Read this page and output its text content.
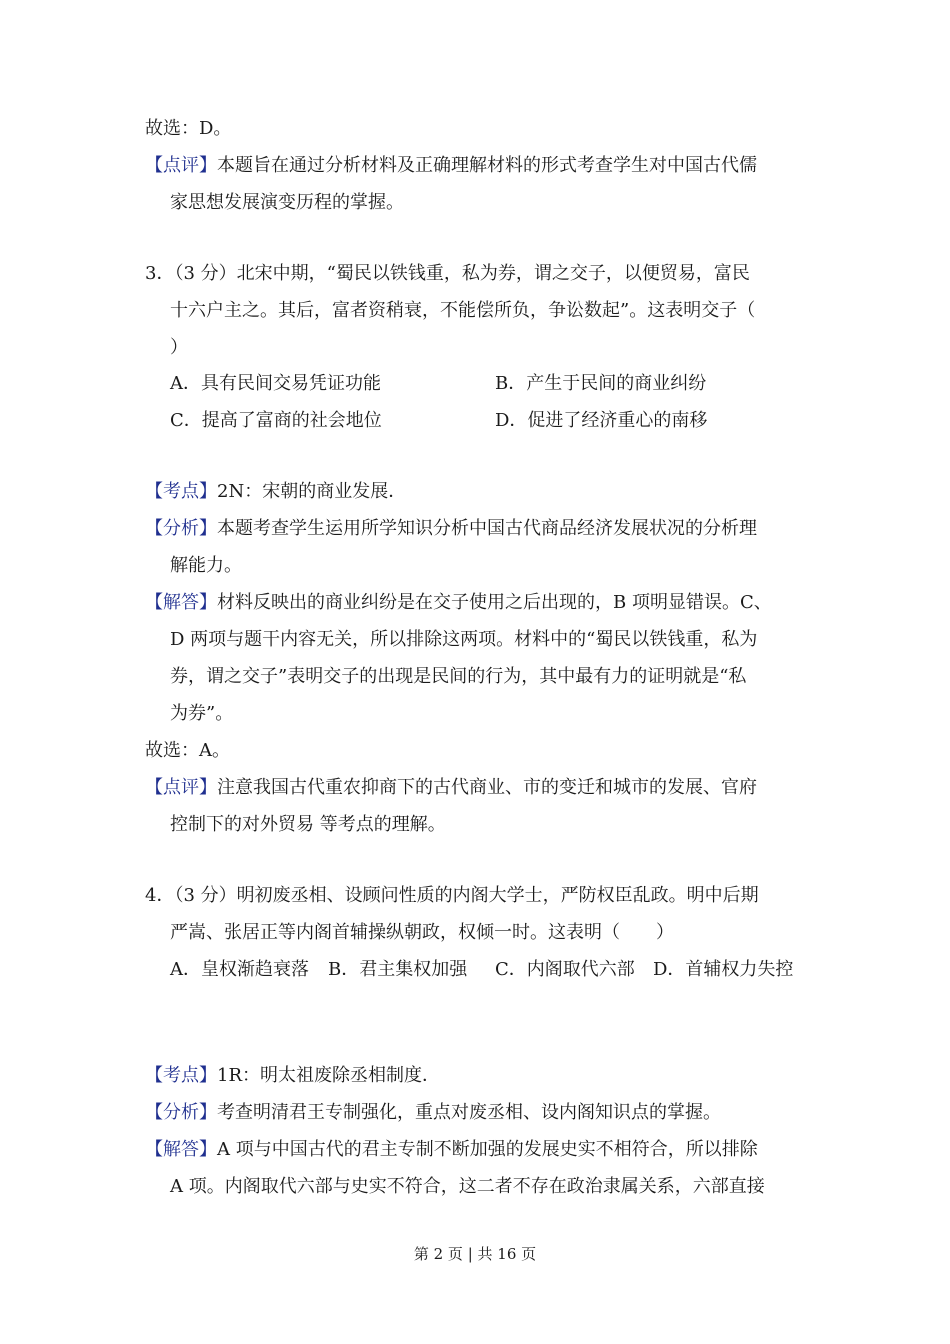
故选：D。
【点评】本题旨在通过分析材料及正确理解材料的形式考查学生对中国古代儒
家思想发展演变历程的掌握。
3．（3 分）北宋中期，“蜀民以铁钱重，私为券，谓之交子，以便贸易，富民
十六户主之。其后，富者资稍衰，不能偿所负，争讼数起”。这表明交子（
）
A．具有民间交易凭证功能	B．产生于民间的商业纠纷
C．提高了富商的社会地位	D．促进了经济重心的南移
【考点】2N：宋朝的商业发展．
【分析】本题考查学生运用所学知识分析中国古代商品经济发展状况的分析理
解能力。
【解答】材料反映出的商业纠纷是在交子使用之后出现的，B 项明显错误。C、
D 两项与题干内容无关，所以排除这两项。材料中的“蜀民以铁钱重，私为
券，谓之交子”表明交子的出现是民间的行为，其中最有力的证明就是“私
为券”。
故选：A。
【点评】注意我国古代重农抑商下的古代商业、市的变迁和城市的发展、官府
控制下的对外贸易 等考点的理解。
4．（3 分）明初废丞相、设顾问性质的内阁大学士，严防权臣乱政。明中后期
严嵩、张居正等内阁首辅操纵朝政，权倾一时。这表明（　　）
A．皇权渐趋衰落 B．君主集权加强 C．内阁取代六部 D．首辅权力失控
【考点】1R：明太祖废除丞相制度．
【分析】考查明清君王专制强化，重点对废丞相、设内阁知识点的掌握。
【解答】A 项与中国古代的君主专制不断加强的发展史实不相符合，所以排除
A 项。内阁取代六部与史实不符合，这二者不存在政治隶属关系，六部直接
第 2 页 | 共 16 页
